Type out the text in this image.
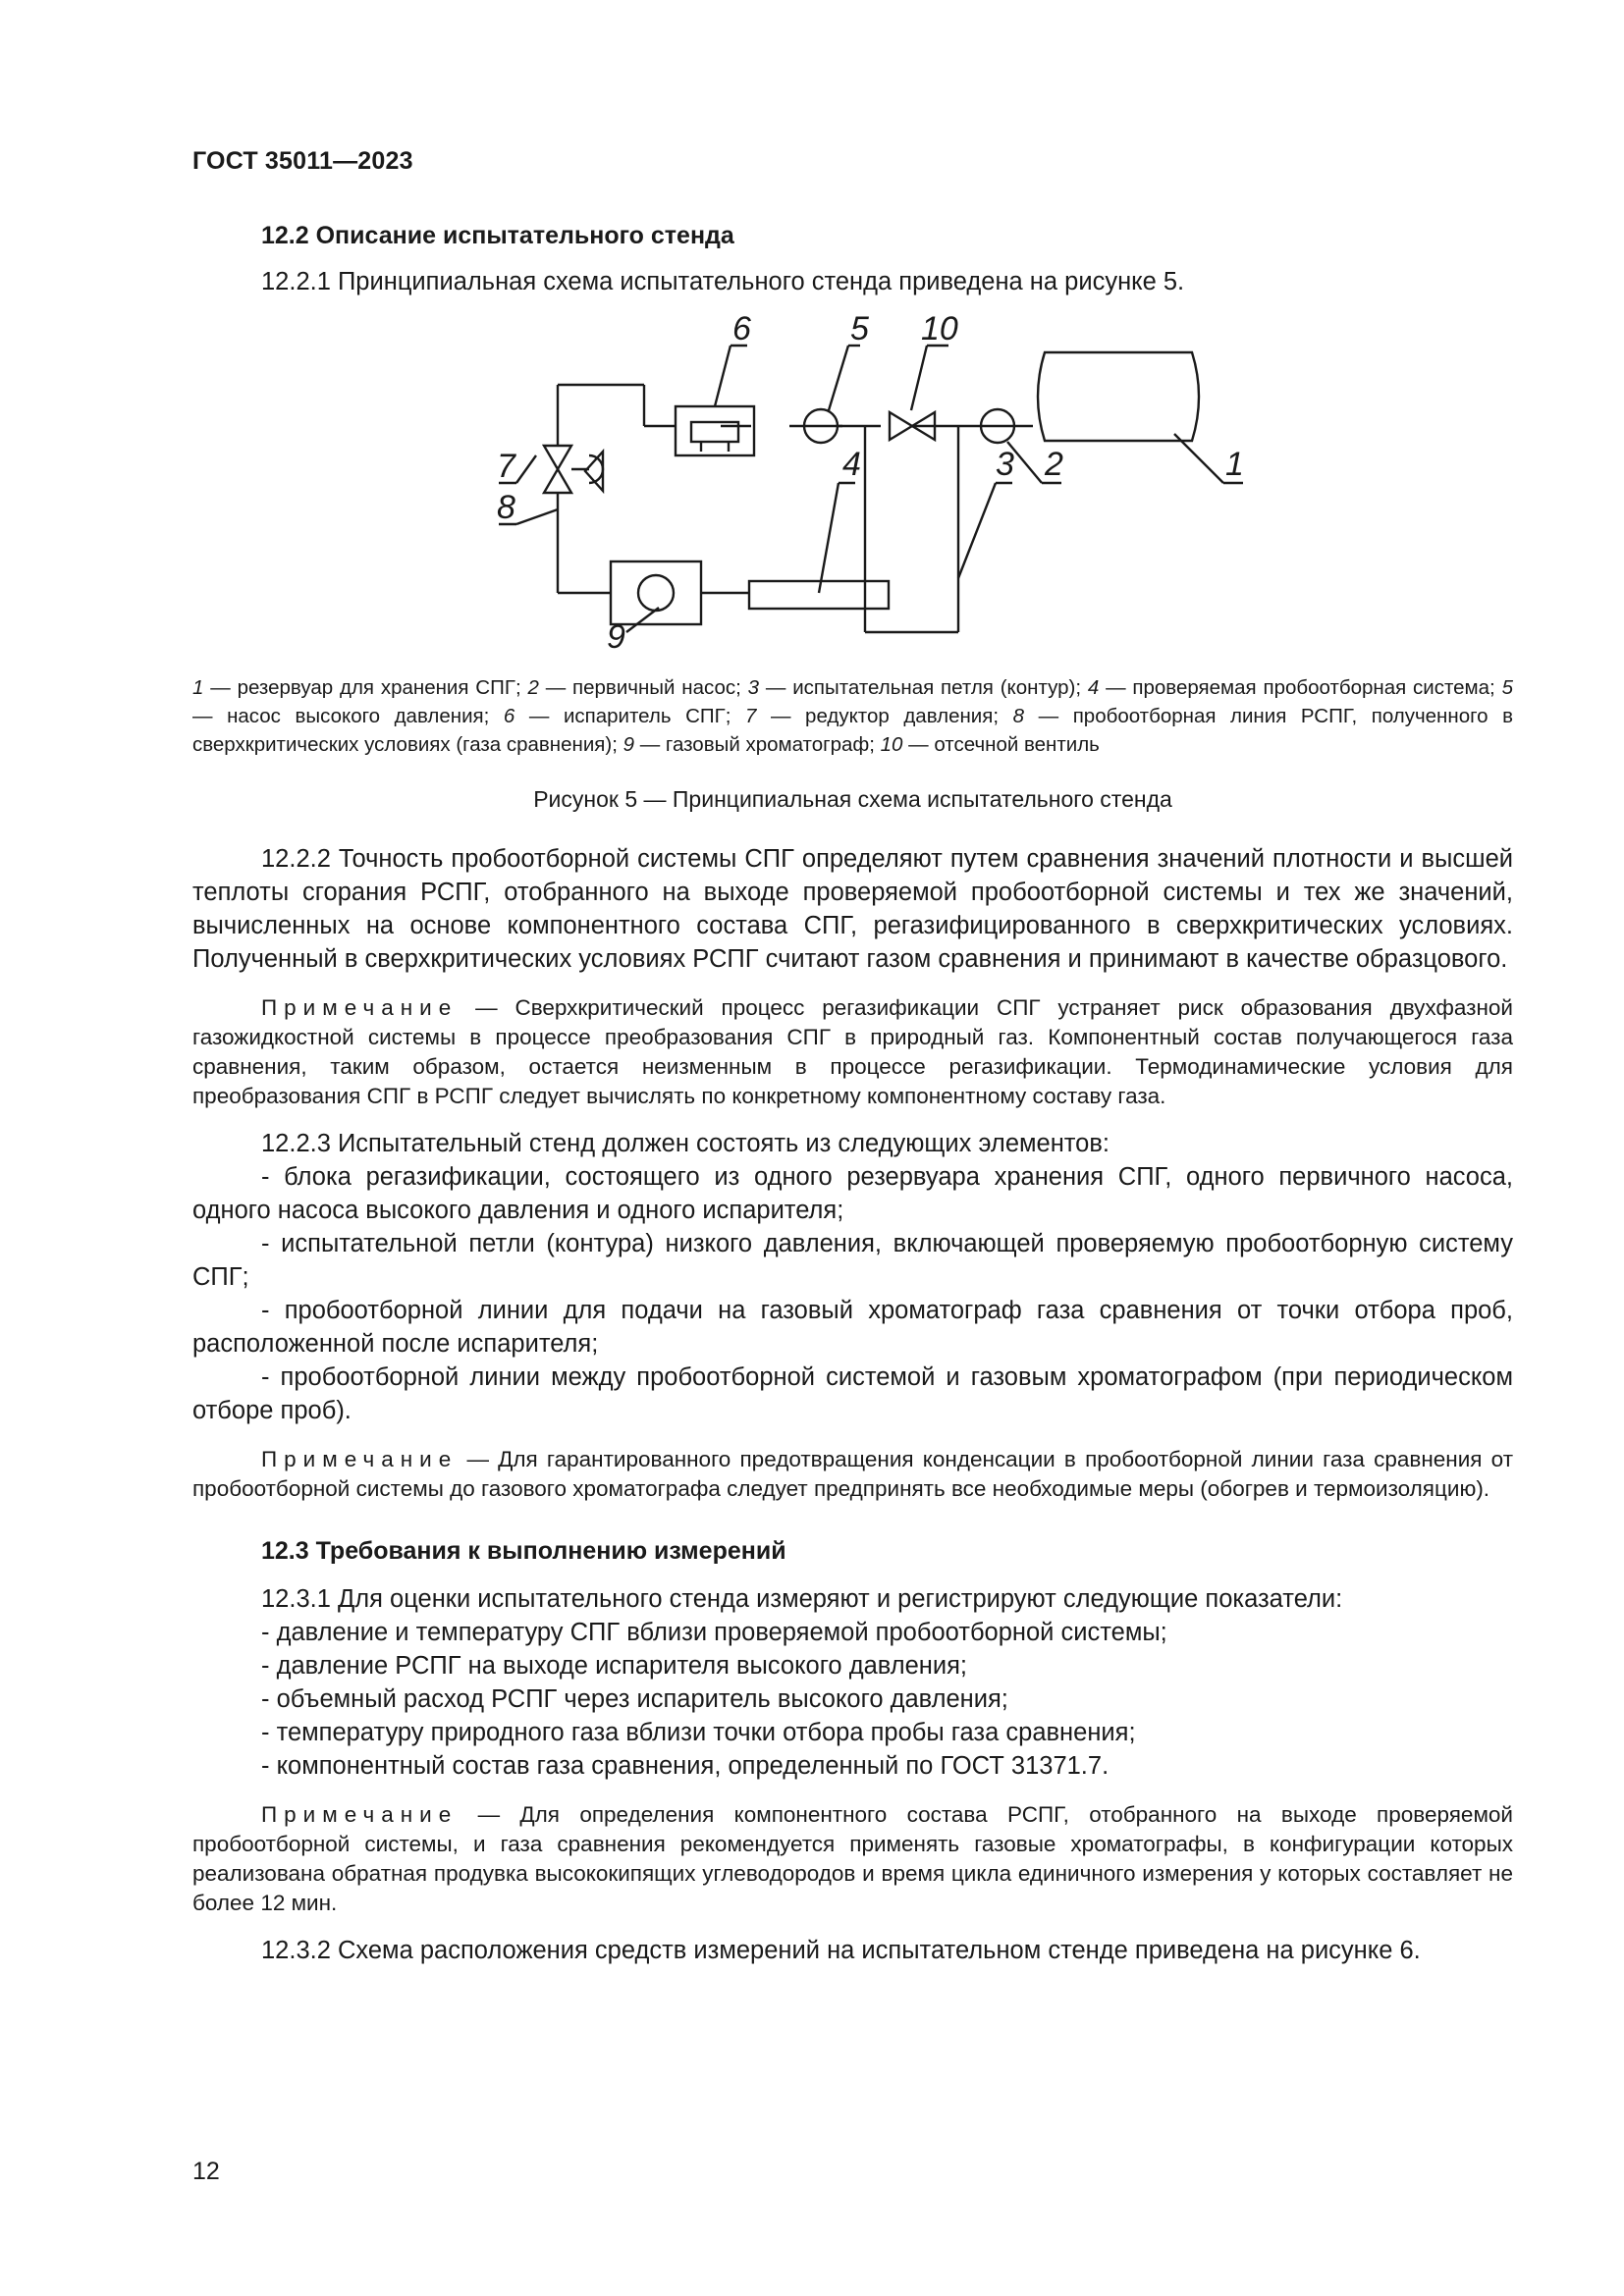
ГОСТ 35011—2023

12.2 Описание испытательного стенда

12.2.1 Принципиальная схема испытательного стенда приведена на рисунке 5.

1
2
3
4
5
6
7
8
9
10

1 — резервуар для хранения СПГ; 2 — первичный насос; 3 — испытательная петля (контур); 4 — проверяемая пробоотборная система; 5 — насос высокого давления; 6 — испаритель СПГ; 7 — редуктор давления; 8 — пробоотборная линия РСПГ, полученного в сверхкритических условиях (газа сравнения); 9 — газовый хроматограф; 10 — отсечной вентиль

Рисунок 5 — Принципиальная схема испытательного стенда

12.2.2 Точность пробоотборной системы СПГ определяют путем сравнения значений плотности и высшей теплоты сгорания РСПГ, отобранного на выходе проверяемой пробоотборной системы и тех же значений, вычисленных на основе компонентного состава СПГ, регазифицированного в сверхкритических условиях. Полученный в сверхкритических условиях РСПГ считают газом сравнения и принимают в качестве образцового.

Примечание — Сверхкритический процесс регазификации СПГ устраняет риск образования двухфазной газожидкостной системы в процессе преобразования СПГ в природный газ. Компонентный состав получающегося газа сравнения, таким образом, остается неизменным в процессе регазификации. Термодинамические условия для преобразования СПГ в РСПГ следует вычислять по конкретному компонентному составу газа.

12.2.3 Испытательный стенд должен состоять из следующих элементов:

- блока регазификации, состоящего из одного резервуара хранения СПГ, одного первичного насоса, одного насоса высокого давления и одного испарителя;

- испытательной петли (контура) низкого давления, включающей проверяемую пробоотборную систему СПГ;

- пробоотборной линии для подачи на газовый хроматограф газа сравнения от точки отбора проб, расположенной после испарителя;

- пробоотборной линии между пробоотборной системой и газовым хроматографом (при периодическом отборе проб).

Примечание — Для гарантированного предотвращения конденсации в пробоотборной линии газа сравнения от пробоотборной системы до газового хроматографа следует предпринять все необходимые меры (обогрев и термоизоляцию).

12.3 Требования к выполнению измерений

12.3.1 Для оценки испытательного стенда измеряют и регистрируют следующие показатели:

- давление и температуру СПГ вблизи проверяемой пробоотборной системы;

- давление РСПГ на выходе испарителя высокого давления;

- объемный расход РСПГ через испаритель высокого давления;

- температуру природного газа вблизи точки отбора пробы газа сравнения;

- компонентный состав газа сравнения, определенный по ГОСТ 31371.7.

Примечание — Для определения компонентного состава РСПГ, отобранного на выходе проверяемой пробоотборной системы, и газа сравнения рекомендуется применять газовые хроматографы, в конфигурации которых реализована обратная продувка высококипящих углеводородов и время цикла единичного измерения у которых составляет не более 12 мин.

12.3.2 Схема расположения средств измерений на испытательном стенде приведена на рисунке 6.

12
